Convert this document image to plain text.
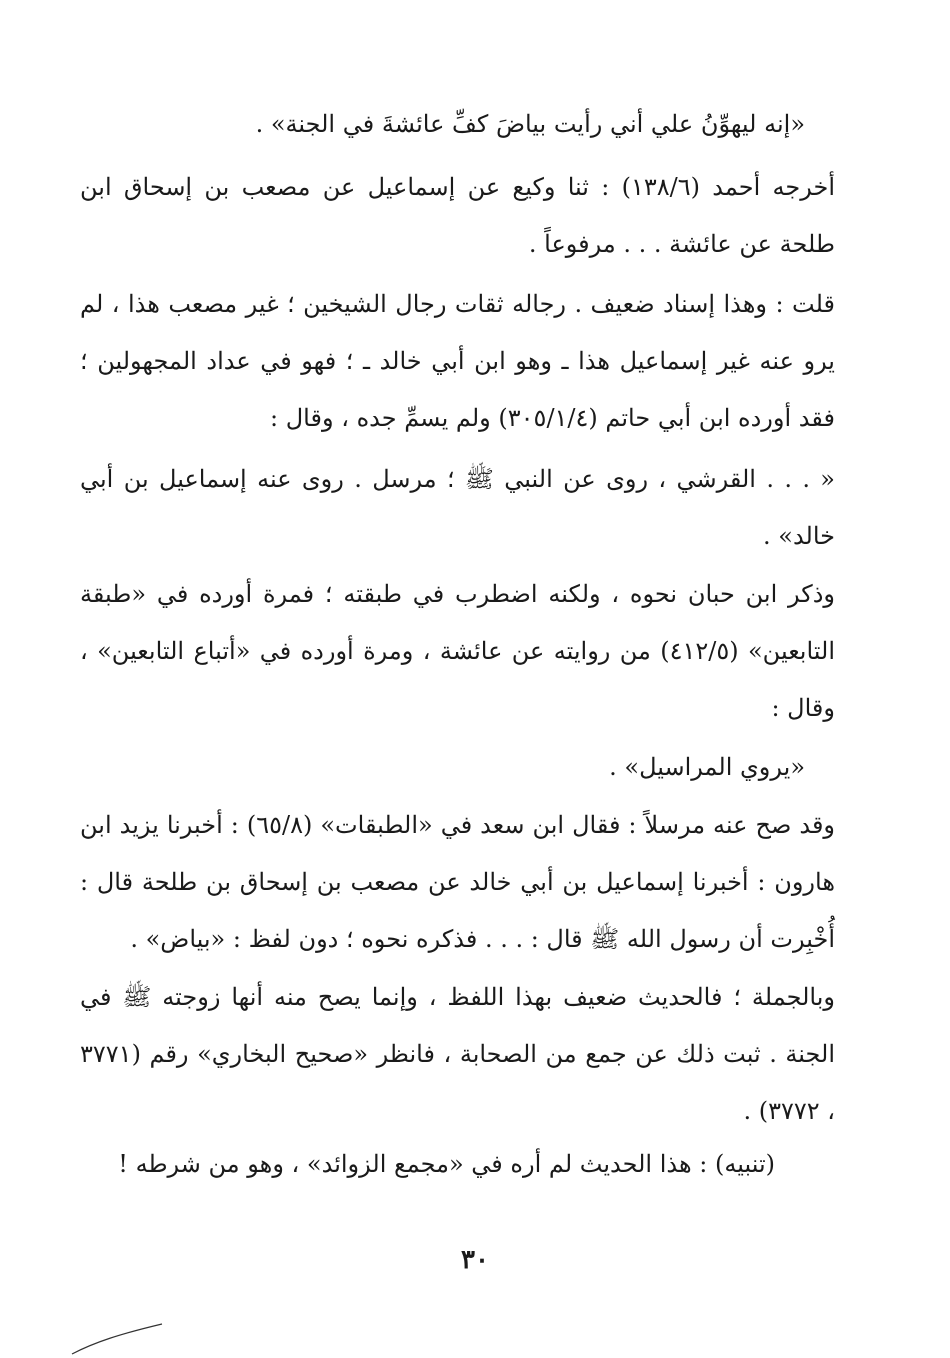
«إنه ليهوِّنُ علي أني رأيت بياضَ كفِّ عائشةَ في الجنة» .

أخرجه أحمد (١٣٨/٦) : ثنا وكيع عن إسماعيل عن مصعب بن إسحاق ابن طلحة عن عائشة . . . مرفوعاً .

قلت : وهذا إسناد ضعيف . رجاله ثقات رجال الشيخين ؛ غير مصعب هذا ، لم يرو عنه غير إسماعيل هذا ـ وهو ابن أبي خالد ـ ؛ فهو في عداد المجهولين ؛ فقد أورده ابن أبي حاتم (٣٠٥/١/٤) ولم يسمِّ جده ، وقال :

« . . . القرشي ، روى عن النبي ﷺ ؛ مرسل . روى عنه إسماعيل بن أبي خالد» .

وذكر ابن حبان نحوه ، ولكنه اضطرب في طبقته ؛ فمرة أورده في «طبقة التابعين» (٤١٢/٥) من روايته عن عائشة ، ومرة أورده في «أتباع التابعين» ، وقال :

«يروي المراسيل» .

وقد صح عنه مرسلاً : فقال ابن سعد في «الطبقات» (٦٥/٨) : أخبرنا يزيد ابن هارون : أخبرنا إسماعيل بن أبي خالد عن مصعب بن إسحاق بن طلحة قال : أُخْبِرت أن رسول الله ﷺ قال : . . . فذكره نحوه ؛ دون لفظ : «بياض» .

وبالجملة ؛ فالحديث ضعيف بهذا اللفظ ، وإنما يصح منه أنها زوجته ﷺ في الجنة . ثبت ذلك عن جمع من الصحابة ، فانظر «صحيح البخاري» رقم (٣٧٧١ ، ٣٧٧٢) .

(تنبيه) : هذا الحديث لم أره في «مجمع الزوائد» ، وهو من شرطه !

٣٠
